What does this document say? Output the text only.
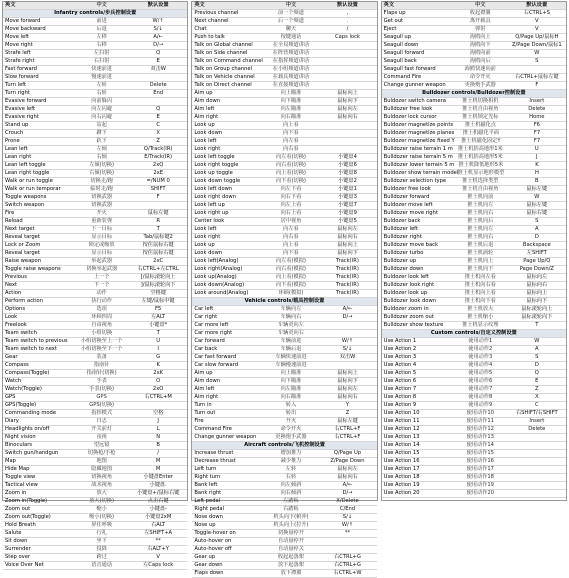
英文	中文	默认设置
Infantry controls/步兵控制设置
Move forward	前进	W/↑
Move backward	后退	S/↓
Move left	左移	A/←
Move right	右移	D/→
Strafe left	左扫射	Q
Strafe right	右扫射	E
Fast forward	快速前进	双击W
Slow forward	慢速前进
Turn left	左转	Delete
Turn right	右转	End
Evasive forward	向前躲闪
Evasive left	向左闪避	Q
Evasive right	向右闪避	E
Stand up	站起	C
Crouch	蹲下	X
Prone	趴下	Z
Lean left	左倾	Q/Track(IR)
Lean right	右倾	E/Track(IR)
Lean left toggle	左倾(切换)	2xQ
Lean right toggle	右倾(切换)	2xE
Walk or run toggle	切换走/跑	=/NUM 0
Walk or run temporar	临时走/跑	SHIFT
Toggle weapons	切换武器	F
Switch weapon	切换武器
Fire	开火	鼠标左键
Reload	重新装弹	R
Next target	下一目标	T
Reveal target	显示目标	Tab/鼠标键2
Lock or Zoom	锁定或缩放	按住鼠标右键
Reveal target	显示目标	按住鼠标右键
Raise weapon	举起武器	2xC
Toggle raise weapons	切换举起武器	右CTRL+左CTRL
Previous	上一个	[/鼠标滚轮向上
Next	下一个	]/鼠标滚轮向下
Action	动作	空格键
Perform action	执行动作	左键/鼠标中键
Options	选项	F5
Look	环顾四周	左ALT
Freelook	自由视角	小键盘*
Team switch	小组切换	T
Team switch to previous	小组切换至上一个	U
Team switch to next	小组切换至下一个	I
Gear	装备	G
Compass	指南针	K
Compass(Toggle)	指南针(切换)	2xK
Watch	手表	O
Watch(Toggle)	手表(切换)	2xO
GPS	GPS	右CTRL+M
GPS(Toggle)	GPS(切换)
Commanding mode	指挥模式	空格
Diary	日志	J
Headlights on/off	开关前灯	L
Night vision	夜视	N
Binoculars	望远镜	B
Switch gun/handgun	切换枪/手枪	/
Map	地图	M
Hide Map	隐藏地图	M
Toggle view	切换视角	小键盘Enter
Tactical view	战术视角	小键盘.
Zoom in	放大	小键盘+/鼠标右键
Zoom in(Toggle)	放大(切换)	点击右键
Zoom out	缩小	小键盘-
Zoom out(Toggle)	缩小(切换)	小键盘2xM
Hold Breath	屏住呼吸	右ALT
Salute	行礼	左SHIFT+A
Sit down	坐下	**
Surrender	投降	右ALT+Y
Step over	跨过	V
Voice Over Net	语音通话	左Caps lock
英文	中文	默认设置
Previous channel	前一个频道	,
Next channel	后一个频道	.
Chat	聊天	/
Push to talk	按键通话	Caps lock
Talk on Global channel	在全局频道讲话
Talk on Side channel	在阵营频道讲话
Talk on Command channel	在指挥频道讲话
Talk on Group channel	在小组频道讲话
Talk on Vehicle channel	在载具频道讲话
Talk on Direct channel	在直接频道讲话
Aim up	向上瞄准	鼠标向上
Aim down	向下瞄准	鼠标向下
Aim left	向左瞄准	鼠标向左
Aim right	向右瞄准	鼠标向右
Look up	向上看
Look down	向下看
Look left	向左看
Look right	向右看
Look left toggle	向左看(切换)	小键盘4
Look right toggle	向右看(切换)	小键盘6
Look up toggle	向上看(切换)	小键盘8
Look down toggle	向下看(切换)	小键盘2
Look left down	向左下看	小键盘1
Look right down	向右下看	小键盘3
Look left up	向左上看	小键盘7
Look right up	向右上看	小键盘9
Center look	居中视角	小键盘5
Look left	向左看	鼠标向左
Look right	向右看	鼠标向右
Look up	向上看	鼠标向上
Look down	向下看	鼠标向下
Look left(Analog)	向左看(模拟)	Track(IR)
Look right(Analog)	向右看(模拟)	Track(IR)
Look up(Analog)	向上看(模拟)	Track(IR)
Look down(Analog)	向下看(模拟)	Track(IR)
Look around(Analog)	环顾(模拟)	Track(IR)
Vehicle controls/载具控制设置
Car left	车辆向左	A/←
Car right	车辆向右	D/→
Car more left	车辆更向左
Car more right	车辆更向右
Car forward	车辆前进	W/↑
Car back	车辆后退	S/↓
Car fast forward	车辆快速前进	双击W
Car slow forward	车辆慢速前进
Aim up	向上瞄准	鼠标向上
Aim down	向下瞄准	鼠标向下
Aim left	向左瞄准	鼠标向左
Aim right	向右瞄准	鼠标向右
Turn in	转入	Y
Turn out	转出	Z
Fire	开火	鼠标左键
Command Fire	命令开火	右CTRL+F
Change gunner weapon	更换炮手武器	右CTRL+F
Aircraft controls/飞机控制设置
Increase thrust	增加推力	Q/Page Up
Decrease thrust	减少推力	Z/Page Down
Left turn	左转	鼠标向左
Right turn	右转	鼠标向右
Bank left	向左倾斜	A/←
Bank right	向右倾斜	D/→
Left pedal	左踏板	X/Delete
Right pedal	右踏板	C/End
Nose down	机头向下(俯冲)	S/↓
Nose up	机头向上(拉升)	W/↑
Toggle-hover on	切换悬停开	**
Auto-hover on	自动悬停开
Auto-hover off	自动悬停关
Gear up	收起起落架	右CTRL+G
Gear down	放下起落架	右CTRL+G
Flaps down	放下襟翼	右CTRL+W
英文	中文	默认设置
Flaps up	收起襟翼	右CTRL+S
Get out	离开载具	V
Eject	弹射	V
Seagull up	海鸥向上	Q/Page Up/鼠标H
Seagull down	海鸥向下	Z/Page Down/鼠标1
Seagull forward	海鸥向前	W
Seagull back	海鸥向后	S
Seagull fast forward	海鸥快速向前
Command Fire	命令开火	右CTRL+鼠标左键
Change gunner weapon	更换炮手武器	F
Bulldozer controls/Bulldozer控制设置
Buldozer switch camera	推土机切换相机	Insert
Bulldozer free look	推土机自由视角	Delete
Buldozer lock cursor	推土机锁定光标	Home
Buldozer magnetize points	推土机磁化点	F6
Buldozer magnetize planes	推土机磁化平面	F7
Buldozer magnetize fixed Y	推土机磁化固定Y	F7
Bulldozer raise terrain 1 m 推土机抬高地形1米	U
Bulldozer raise terrain 5 m 推土机抬高地形5米	J
Bulldozer lower terrain 5 m 推土机降低地形5米	K
Buldozer show terrain model 推土机显示地形模型	H
Bulldozer selection type	推土机选择类型	B
Buldozer free look	推土机自由视角	鼠标左键
Bulldozer forward	推土机向前	W
Buldozer move left	推土机向左	鼠标左键
Bulldozer move right	推土机向右	鼠标右键
Buldozer back	推土机向后	S
Bulldozer left	推土机向左	A
Bulldozer right	推土机向右	D
Bulldozer move back	推土机后退	Backspace
Bulldozer turbo	推土机涡轮	左SHIFT
Bulldozer up	推土机向上	Page Up/Q
Bulldozer down	推土机向下	Page Down/Z
Buldozer look left	推土机向左看	鼠标向左
Bulldozer look right	推土机向右看	鼠标向右
Buldozer look up	推土机向上看	鼠标向上
Bulldozer look down	推土机向下看	鼠标向下
Buldozer zoom in	推土机放大	鼠标滚轮向上
Bulldozer zoom out	推土机缩小	鼠标滚轮向下
Bulldozer show texture	推土机显示纹理	T
Custom controls/自定义控制设置
Use Action 1	使用动作1	W
Use Action 2	使用动作2	A
Use Action 3	使用动作3	S
Use Action 4	使用动作4	D
Use Action 5	使用动作5	Q
Use Action 6	使用动作6	E
Use Action 7	使用动作7	Z
Use Action 8	使用动作8	X
Use Action 9	使用动作9	C
Use Action 10	使用动作10	右SHIFT/右SHIFT
Use Action 11	使用动作11	Insert
Use Action 12	使用动作12	Delete
Use Action 13	使用动作13
Use Action 14	使用动作14
Use Action 15	使用动作15
Use Action 16	使用动作16
Use Action 17	使用动作17
Use Action 18	使用动作18
Use Action 19	使用动作19
Use Action 20	使用动作20
